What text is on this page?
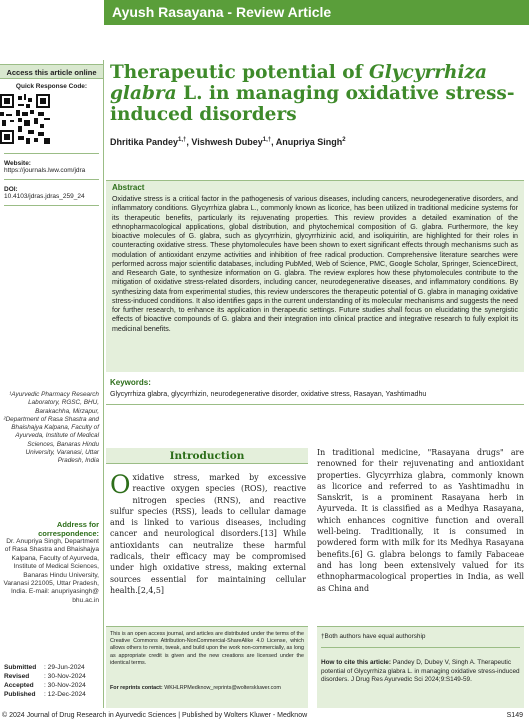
Ayush Rasayana - Review Article
Access this article online
Quick Response Code:
Website:
https://journals.lww.com/jdra
DOI:
10.4103/jdras.jdras_259_24
¹Ayurvedic Pharmacy Research Laboratory, RGSC, BHU, Barakachha, Mirzapur, ²Department of Rasa Shastra and Bhaishajya Kalpana, Faculty of Ayurveda, Institute of Medical Sciences, Banaras Hindu University, Varanasi, Uttar Pradesh, India
Address for correspondence:
Dr. Anupriya Singh, Department of Rasa Shastra and Bhaishajya Kalpana, Faculty of Ayurveda, Institute of Medical Sciences, Banaras Hindu University, Varanasi 221005, Uttar Pradesh, India. E-mail: anupriyasingh@ bhu.ac.in
Submitted	: 29-Jun-2024
Revised	: 30-Nov-2024
Accepted	: 30-Nov-2024
Published	: 12-Dec-2024
Therapeutic potential of Glycyrrhiza glabra L. in managing oxidative stress-induced disorders
Dhritika Pandey$^{1,\dagger}$, Vishwesh Dubey$^{1,\dagger}$, Anupriya Singh$^2$
Abstract
Oxidative stress is a critical factor in the pathogenesis of various diseases, including cancers, neurodegenerative disorders, and inflammatory conditions. Glycyrrhiza glabra L., commonly known as licorice, has been utilized in traditional medicine systems for its therapeutic benefits, particularly its rejuvenating properties. This review provides a detailed examination of the ethnopharmacological applications, global distribution, and phytochemical composition of G. glabra. Furthermore, the key bioactive molecules of G. glabra, such as glycyrrhizin, glycyrrhizinic acid, and isoliquiritin, are highlighted for their roles in counteracting oxidative stress. These phytomolecules have been shown to exert significant effects through mechanisms such as modulation of antioxidant enzyme activities and inhibition of free radical production. Comprehensive literature searches were performed across major scientific databases, including PubMed, Web of Science, PMC, Google Scholar, Springer, ScienceDirect, and Research Gate, to synthesize information on G. glabra. The review explores how these phytomolecules contribute to the mitigation of oxidative stress-related disorders, including cancer, neurodegenerative diseases, and inflammatory conditions. By synthesizing data from experimental studies, this review underscores the therapeutic potential of G. glabra in managing oxidative stress-induced conditions. It also identifies gaps in the current understanding of its molecular mechanisms and suggests the need for further research, to enhance its application in therapeutic settings. Future studies shall focus on elucidating the synergistic effects of bioactive compounds of G. glabra and their integration into clinical practice and integrative research to fully exploit its medicinal benefits.
Keywords:
Glycyrrhiza glabra, glycyrrhizin, neurodegenerative disorder, oxidative stress, Rasayan, Yashtimadhu
Introduction
Oxidative stress, marked by excessive reactive oxygen species (ROS), reactive nitrogen species (RNS), and reactive sulfur species (RSS), leads to cellular damage and is linked to various diseases, including cancer and neurological disorders.[13] While antioxidants can neutralize these harmful radicals, their efficacy may be compromised under high oxidative stress, making external sources essential for maintaining cellular health.[2,4,5]
In traditional medicine, "Rasayana drugs" are renowned for their rejuvenating and antioxidant properties. Glycyrrhiza glabra, commonly known as licorice and referred to as Yashtimadhu in Sanskrit, is a prominent Rasayana herb in Ayurveda. It is classified as a Medhya Rasayana, which enhances cognitive function and overall well-being. Traditionally, it is consumed in powdered form with milk for its Medhya Rasayana benefits.[6] G. glabra belongs to family Fabaceae and has long been extensively valued for its ethnopharmacological properties in India, as well as China and
This is an open access journal, and articles are distributed under the terms of the Creative Commons Attribution-NonCommercial-ShareAlike 4.0 License, which allows others to remix, tweak, and build upon the work non-commercially, as long as appropriate credit is given and the new creations are licensed under the identical terms.
For reprints contact: WKHLRPMedknow_reprints@wolterskluwer.com
†Both authors have equal authorship
How to cite this article: Pandey D, Dubey V, Singh A. Therapeutic potential of Glycyrrhiza glabra L. in managing oxidative stress-induced disorders. J Drug Res Ayurvedic Sci 2024;9:S149-59.
© 2024 Journal of Drug Research in Ayurvedic Sciences | Published by Wolters Kluwer - Medknow	S149
